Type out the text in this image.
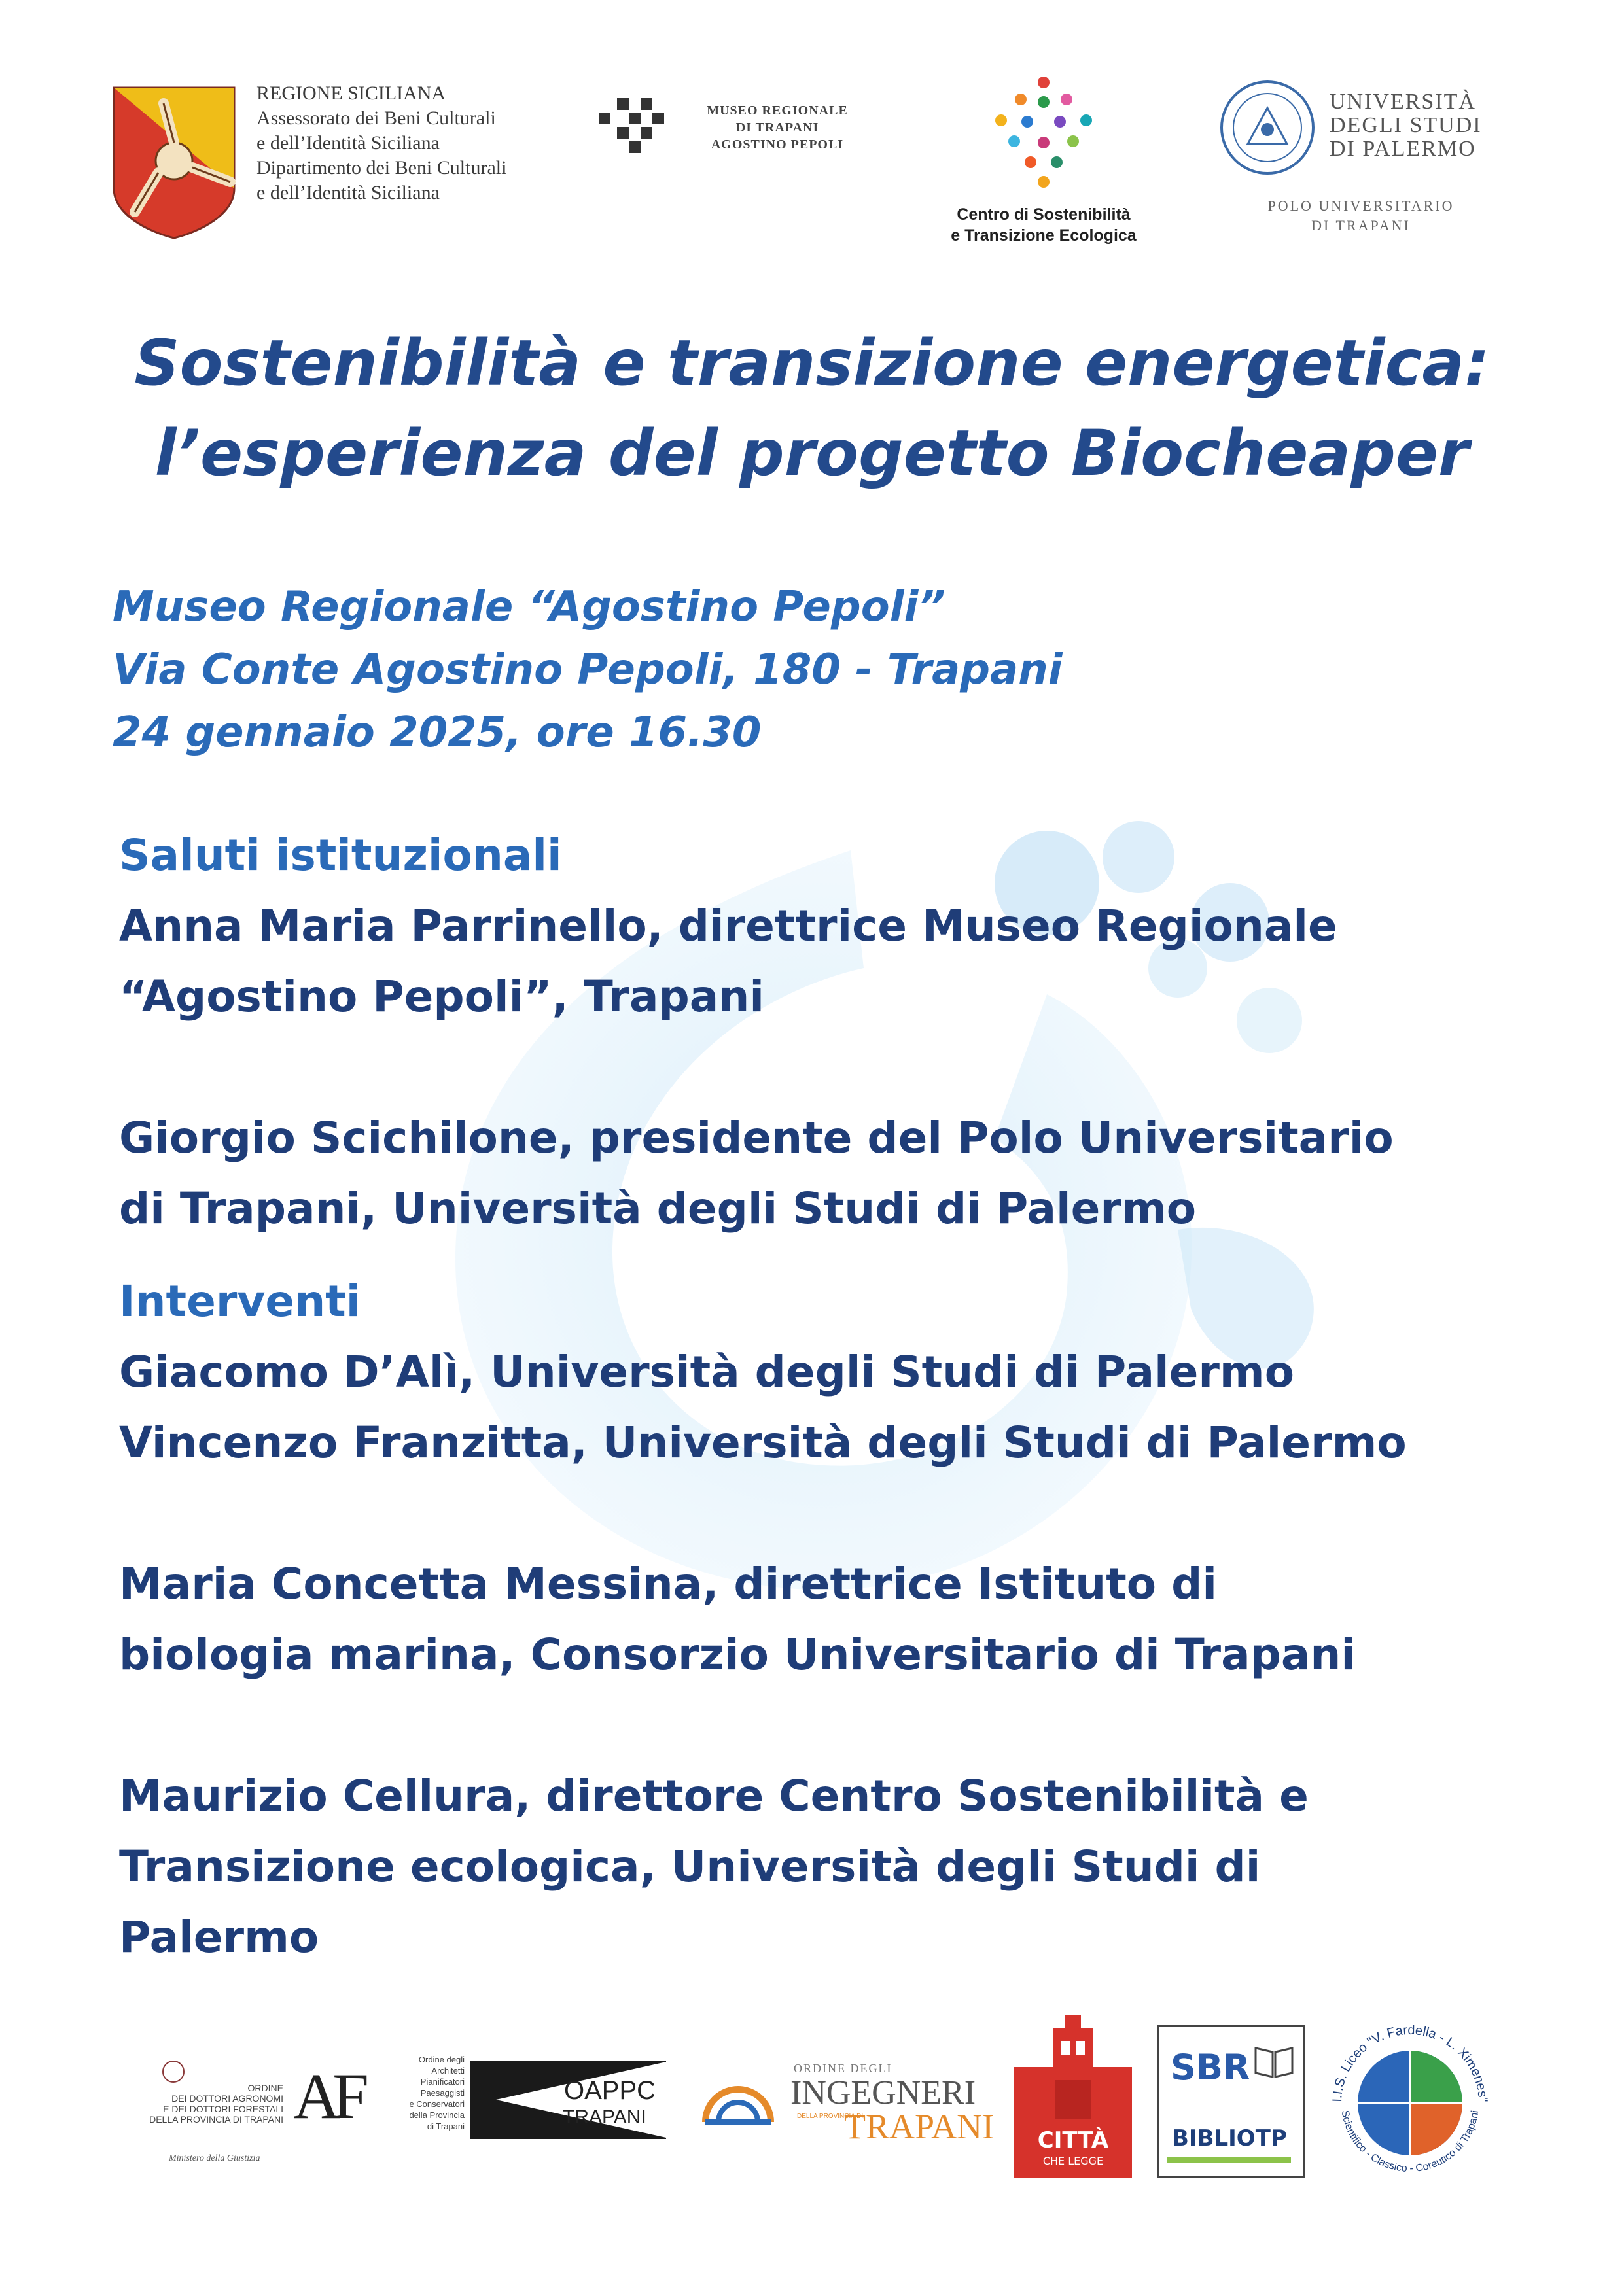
REGIONE SICILIANA
Assessorato dei Beni Culturali
e dell’Identità Siciliana
Dipartimento dei Beni Culturali
e dell’Identità Siciliana
MUSEO REGIONALE
DI TRAPANI
AGOSTINO PEPOLI
Centro di Sostenibilità
e Transizione Ecologica
UNIVERSITÀ
DEGLI STUDI
DI PALERMO
POLO UNIVERSITARIO
DI TRAPANI
Sostenibilità e transizione energetica:
l’esperienza del progetto Biocheaper
Museo Regionale “Agostino Pepoli”
Via Conte Agostino Pepoli, 180 - Trapani
24 gennaio 2025, ore 16.30
Saluti istituzionali
Anna Maria Parrinello, direttrice Museo Regionale
“Agostino Pepoli”, Trapani
Giorgio Scichilone, presidente del Polo Universitario
di Trapani, Università degli Studi di Palermo
Interventi
Giacomo D’Alì, Università degli Studi di Palermo
Vincenzo Franzitta, Università degli Studi di Palermo
Maria Concetta Messina, direttrice Istituto di
biologia marina, Consorzio Universitario di Trapani
Maurizio Cellura, direttore Centro Sostenibilità e
Transizione ecologica, Università degli Studi di
Palermo
ORDINE
DEI DOTTORI AGRONOMI
E DEI DOTTORI FORESTALI
DELLA PROVINCIA DI TRAPANI AF
Ministero della Giustizia
Ordine degli
Architetti
Pianificatori
Paesaggisti
e Conservatori
della Provincia
di Trapani
OAPPC
TRAPANI
ORDINE DEGLI
INGEGNERI
DELLA PROVINCIA DI
TRAPANI	CITTÀ
CHE LEGGE
SBR
BIBLIOTP
I.I.S. Liceo "V. Fardella - L. Ximenes"
Scientifico - Classico - Coreutico di Trapani
